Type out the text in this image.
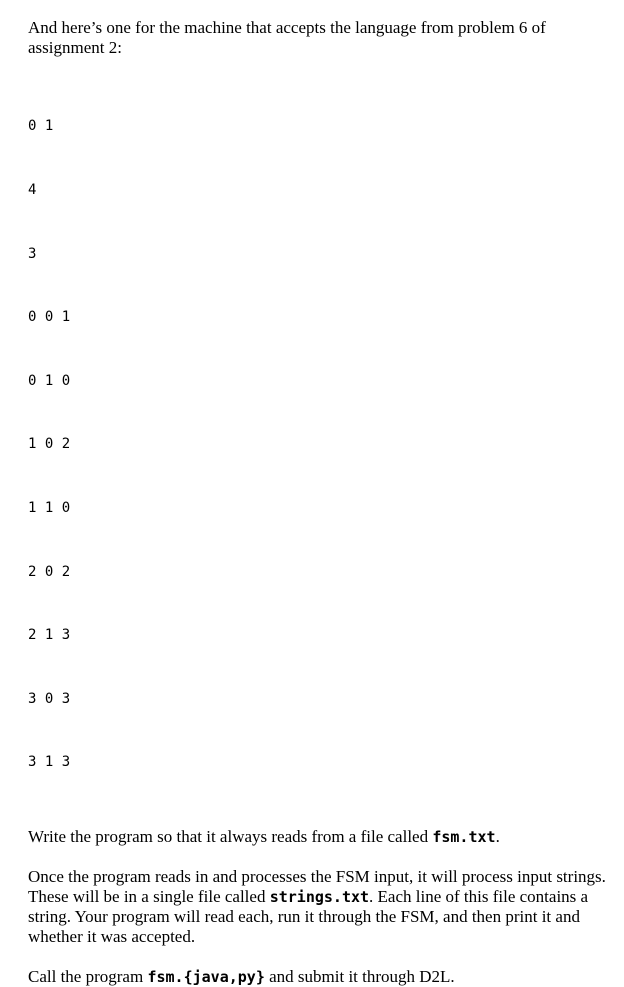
And here’s one for the machine that accepts the language from problem 6 of assignment 2:

0 1

4

3

0 0 1

0 1 0

1 0 2

1 1 0

2 0 2

2 1 3

3 0 3

3 1 3

Write the program so that it always reads from a file called fsm.txt.

Once the program reads in and processes the FSM input, it will process input strings. These will be in a single file called strings.txt. Each line of this file contains a string. Your program will read each, run it through the FSM, and then print it and whether it was accepted.

Call the program fsm.{java,py} and submit it through D2L.
